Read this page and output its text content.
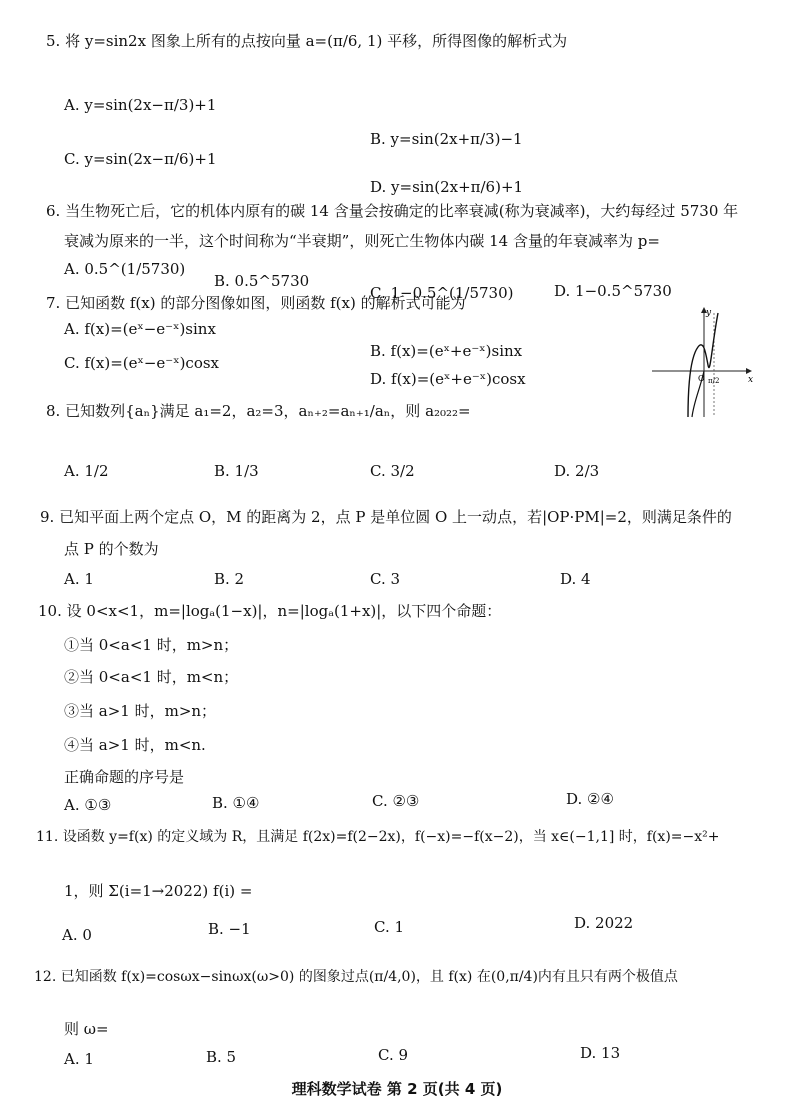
5. 将 y=sin2x 图象上所有的点按向量 a=(π/6, 1) 平移，所得图像的解析式为
A. y=sin(2x−π/3)+1
B. y=sin(2x+π/3)−1
C. y=sin(2x−π/6)+1
D. y=sin(2x+π/6)+1
6. 当生物死亡后，它的机体内原有的碳 14 含量会按确定的比率衰减(称为衰减率)，大约每经过 5730 年
衰减为原来的一半，这个时间称为“半衰期”，则死亡生物体内碳 14 含量的年衰减率为 p=
A. 0.5^(1/5730)
B. 0.5^5730
C. 1−0.5^(1/5730)	D. 1−0.5^5730
7. 已知函数 f(x) 的部分图像如图，则函数 f(x) 的解析式可能为
A. f(x)=(eˣ−e⁻ˣ)sinx
B. f(x)=(eˣ+e⁻ˣ)sinx
C. f(x)=(eˣ−e⁻ˣ)cosx
D. f(x)=(eˣ+e⁻ˣ)cosx
y
x
O π/2
8. 已知数列{aₙ}满足 a₁=2，a₂=3，aₙ₊₂=aₙ₊₁/aₙ，则 a₂₀₂₂=
A. 1/2	B. 1/3	C. 3/2	D. 2/3
9. 已知平面上两个定点 O，M 的距离为 2，点 P 是单位圆 O 上一动点，若|OP·PM|=2，则满足条件的
点 P 的个数为
A. 1	B. 2	C. 3	D. 4
10. 设 0<x<1，m=|logₐ(1−x)|，n=|logₐ(1+x)|，以下四个命题：
①当 0<a<1 时，m>n；
②当 0<a<1 时，m<n；
③当 a>1 时，m>n；
④当 a>1 时，m<n.
正确命题的序号是
A. ①③	B. ①④	C. ②③	D. ②④
11. 设函数 y=f(x) 的定义域为 R，且满足 f(2x)=f(2−2x)，f(−x)=−f(x−2)，当 x∈(−1,1] 时，f(x)=−x²+
1，则 Σ(i=1→2022) f(i) =
A. 0	B. −1	C. 1	D. 2022
12. 已知函数 f(x)=cosωx−sinωx(ω>0) 的图象过点(π/4,0)，且 f(x) 在(0,π/4)内有且只有两个极值点
则 ω=
A. 1	B. 5	C. 9	D. 13
理科数学试卷 第 2 页(共 4 页)
